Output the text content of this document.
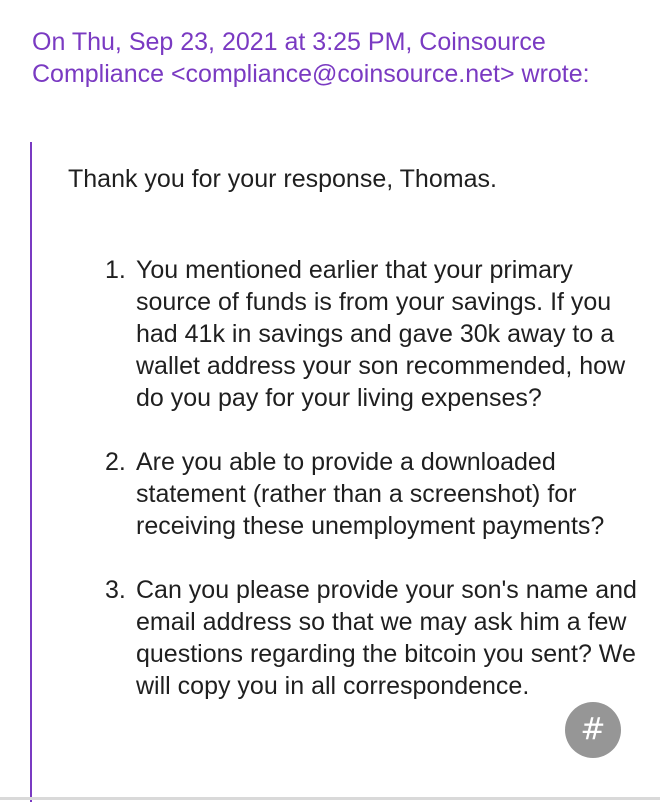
On Thu, Sep 23, 2021 at 3:25 PM, Coinsource Compliance <compliance@coinsource.net> wrote:
Thank you for your response, Thomas.
1. You mentioned earlier that your primary source of funds is from your savings. If you had 41k in savings and gave 30k away to a wallet address your son recommended, how do you pay for your living expenses?
2. Are you able to provide a downloaded statement (rather than a screenshot) for receiving these unemployment payments?
3. Can you please provide your son's name and email address so that we may ask him a few questions regarding the bitcoin you sent? We will copy you in all correspondence.
#
